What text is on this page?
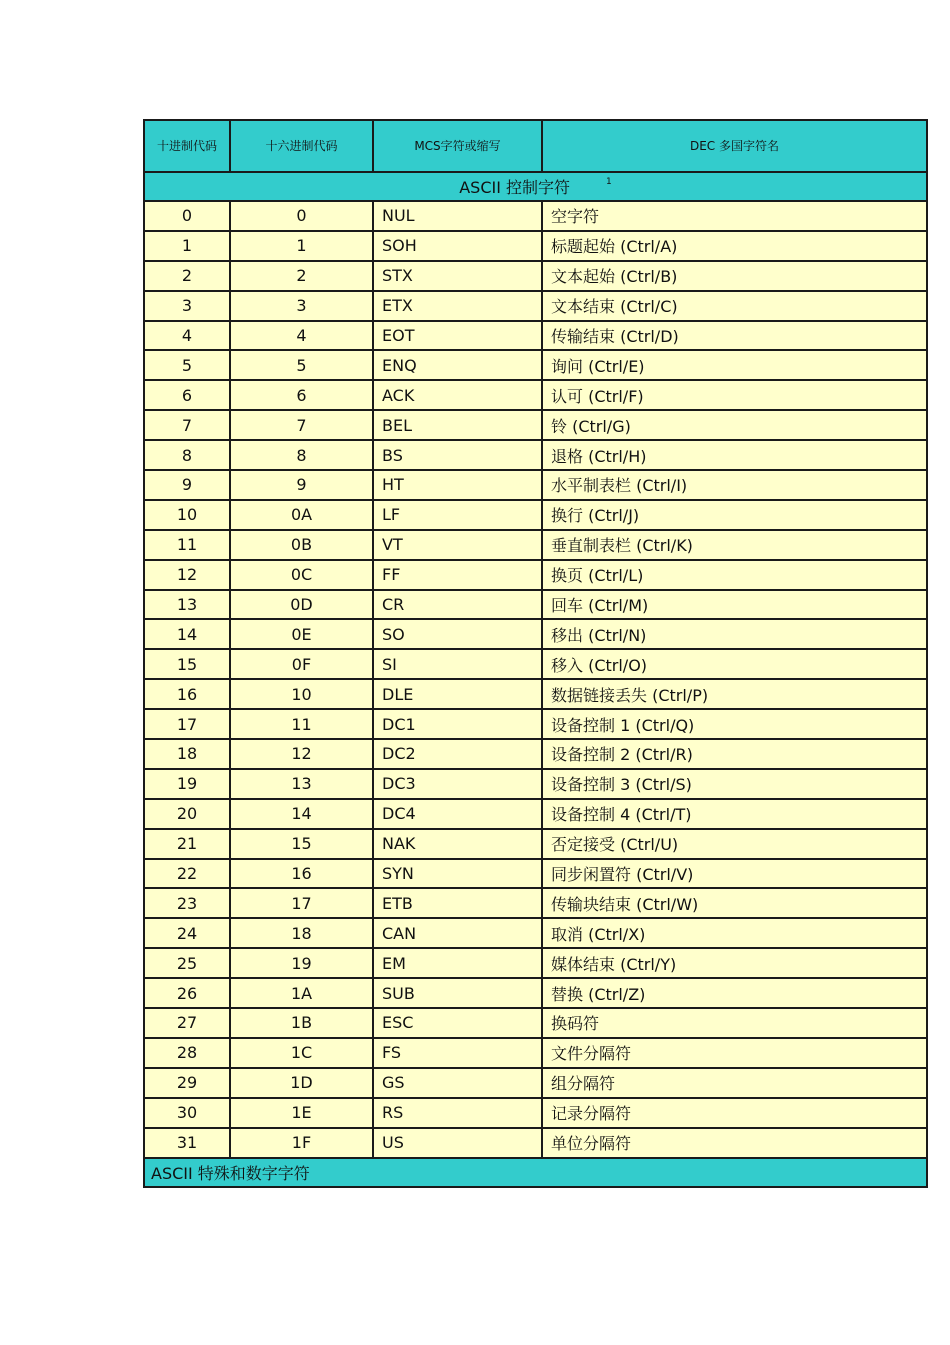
十进制代码	十六进制代码	MCS字符或缩写	DEC 多国字符名
ASCII 控制字符 $^1$
0	0	NUL	空字符
1	1	SOH	标题起始 (Ctrl/A)
2	2	STX	文本起始 (Ctrl/B)
3	3	ETX	文本结束 (Ctrl/C)
4	4	EOT	传输结束 (Ctrl/D)
5	5	ENQ	询问 (Ctrl/E)
6	6	ACK	认可 (Ctrl/F)
7	7	BEL	铃 (Ctrl/G)
8	8	BS	退格 (Ctrl/H)
9	9	HT	水平制表栏 (Ctrl/I)
10	0A	LF	换行 (Ctrl/J)
11	0B	VT	垂直制表栏 (Ctrl/K)
12	0C	FF	换页 (Ctrl/L)
13	0D	CR	回车 (Ctrl/M)
14	0E	SO	移出 (Ctrl/N)
15	0F	SI	移入 (Ctrl/O)
16	10	DLE	数据链接丢失 (Ctrl/P)
17	11	DC1	设备控制 1 (Ctrl/Q)
18	12	DC2	设备控制 2 (Ctrl/R)
19	13	DC3	设备控制 3 (Ctrl/S)
20	14	DC4	设备控制 4 (Ctrl/T)
21	15	NAK	否定接受 (Ctrl/U)
22	16	SYN	同步闲置符 (Ctrl/V)
23	17	ETB	传输块结束 (Ctrl/W)
24	18	CAN	取消 (Ctrl/X)
25	19	EM	媒体结束 (Ctrl/Y)
26	1A	SUB	替换 (Ctrl/Z)
27	1B	ESC	换码符
28	1C	FS	文件分隔符
29	1D	GS	组分隔符
30	1E	RS	记录分隔符
31	1F	US	单位分隔符
ASCII 特殊和数字字符			
